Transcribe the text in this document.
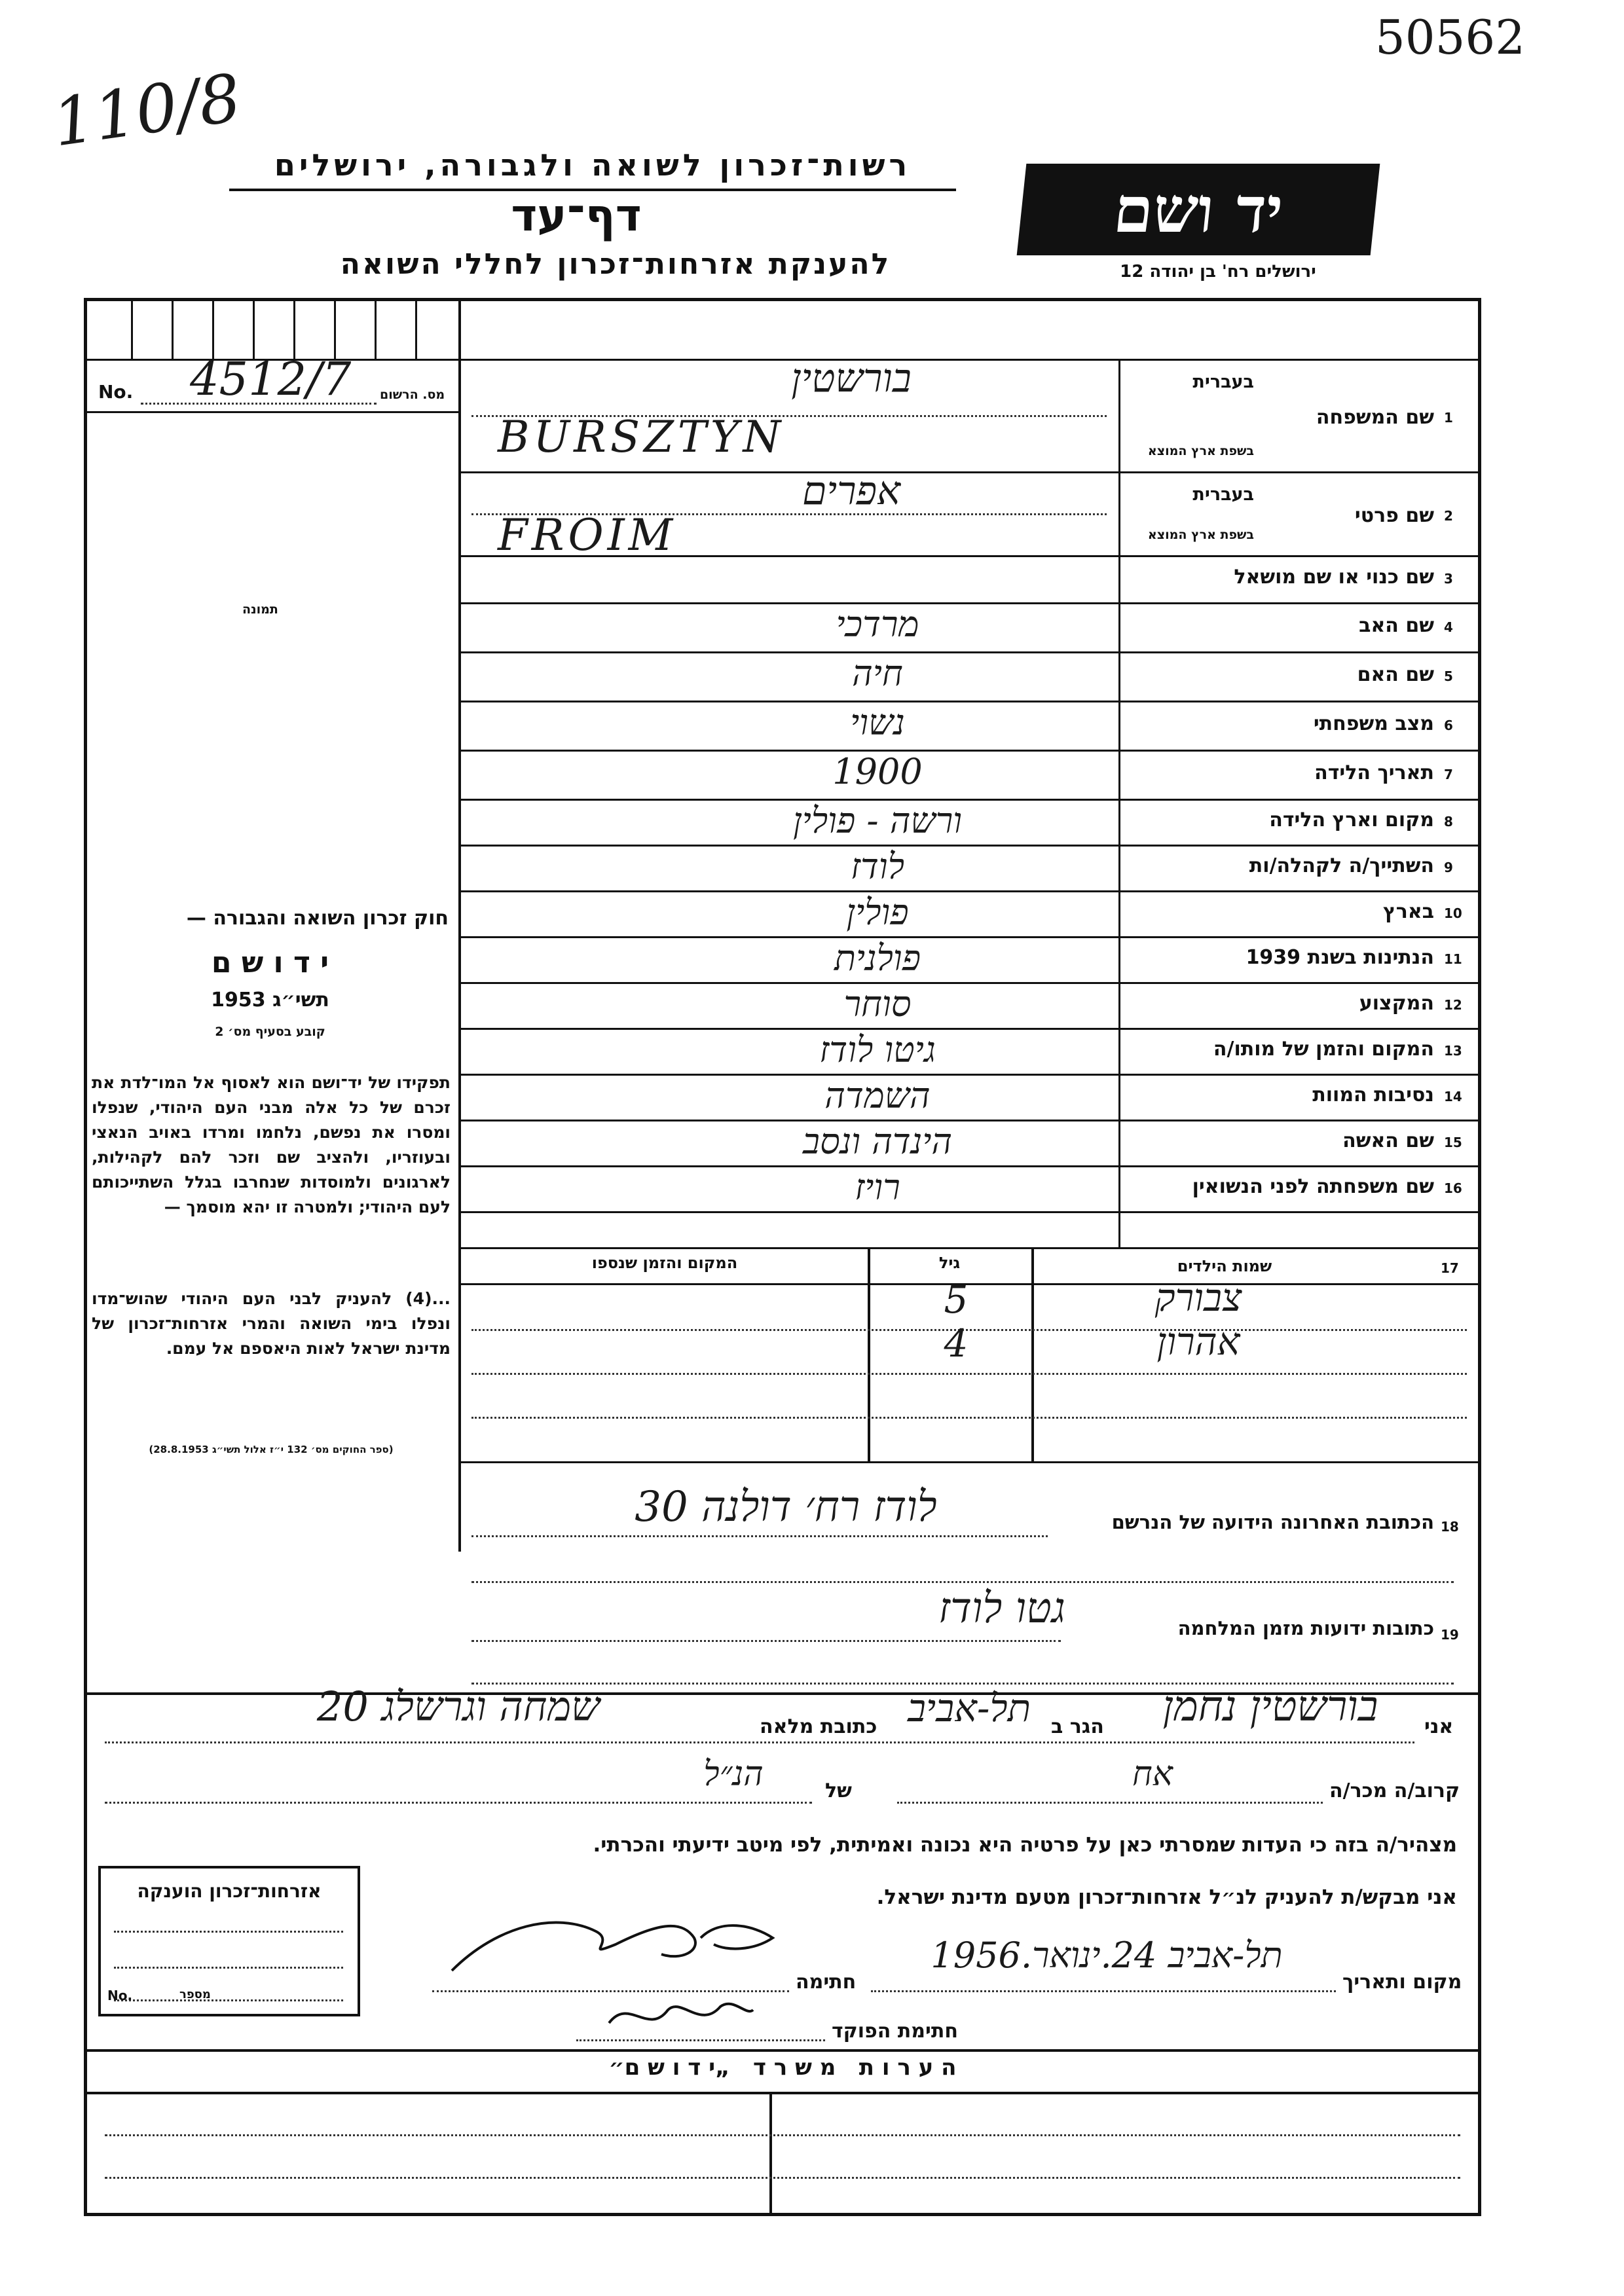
50562
110/8
רשות־זכרון לשואה ולגבורה, ירושלים
דף־עד
להענקת אזרחות־זכרון לחללי השואה
יד ושם
ירושלים רח' בן יהודה 12
No. 4512/7 מס. הרשום
תמונה
חוק זכרון השואה והגבורה —
י ד ו ש ם
תשי״ג 1953
קובע בסעיף מס׳ 2
תפקידו של יד־ושם הוא לאסוף אל המו־לדת את זכרם של כל אלה מבני העם היהודי, שנפלו ומסרו את נפשם, נלחמו ומרדו באויב הנאצי ובעוזריו, ולהציב שם וזכר להם לקהילות, לארגונים ולמוסדות שנחרבו בגלל השתייכותם לעם היהודי; ולמטרה זו יהא מוסמך —
...(4) להעניק לבני העם היהודי שהוש־מדו ונפלו בימי השואה והמרי אזרחות־זכרון של מדינת ישראל לאות היאספם אל עמם.
(ספר החוקים מס׳ 132 י״ז אלול תשי״ג 28.8.1953)
1
שם המשפחה
בעברית
בשפת ארץ המוצא
בורשטין
BURSZTYN
2
שם פרטי
בעברית
בשפת ארץ המוצא
אפרים
FROIM
3
שם כנוי או שם מושאל
4
שם האב
מרדכי
5
שם האם
חיה
6
מצב משפחתי
נשוי
7
תאריך הלידה
1900
8
מקום וארץ הלידה
ורשה - פולין
9
השתייך/ה לקהלה/ות
לודז
10
בארץ
פולין
11
הנתינות בשנת 1939
פולנית
12
המקצוע
סוחר
13
המקום והזמן של מותו/ה
גיטו לודז
14
נסיבות המוות
השמדה
15
שם האשה
הינדה ונסב
16
שם משפחתה לפני הנשואין
רויז
17
שמות הילדים
גיל
המקום והזמן שנספו
צבורק
5
אהרון
4
18
הכתובת האחרונה הידועה של הנרשם
לודז רח׳ דולנה 30
19
כתובות ידועות מזמן המלחמה
גטו לודז
אני
בורשטין נחמן
הגר ב
תל-אביב
כתובת מלאה
שמחה וגרשלג 20
קרוב/ה מכר/ה
אח
של
הנ״ל
מצהיר/ה בזה כי העדות שמסרתי כאן על פרטיה היא נכונה ואמיתית, לפי מיטב ידיעתי והכרתי.
אני מבקש/ת להעניק לנ״ל אזרחות־זכרון מטעם מדינת ישראל.
מקום ותאריך
תל-אביב 24.ינואר.1956
חתימה
חתימת הפוקד
אזרחות־זכרון הוענקה
No.	מספר
ה ע ר ו ת   מ ש ר ד   „י ד ו ש ם״
